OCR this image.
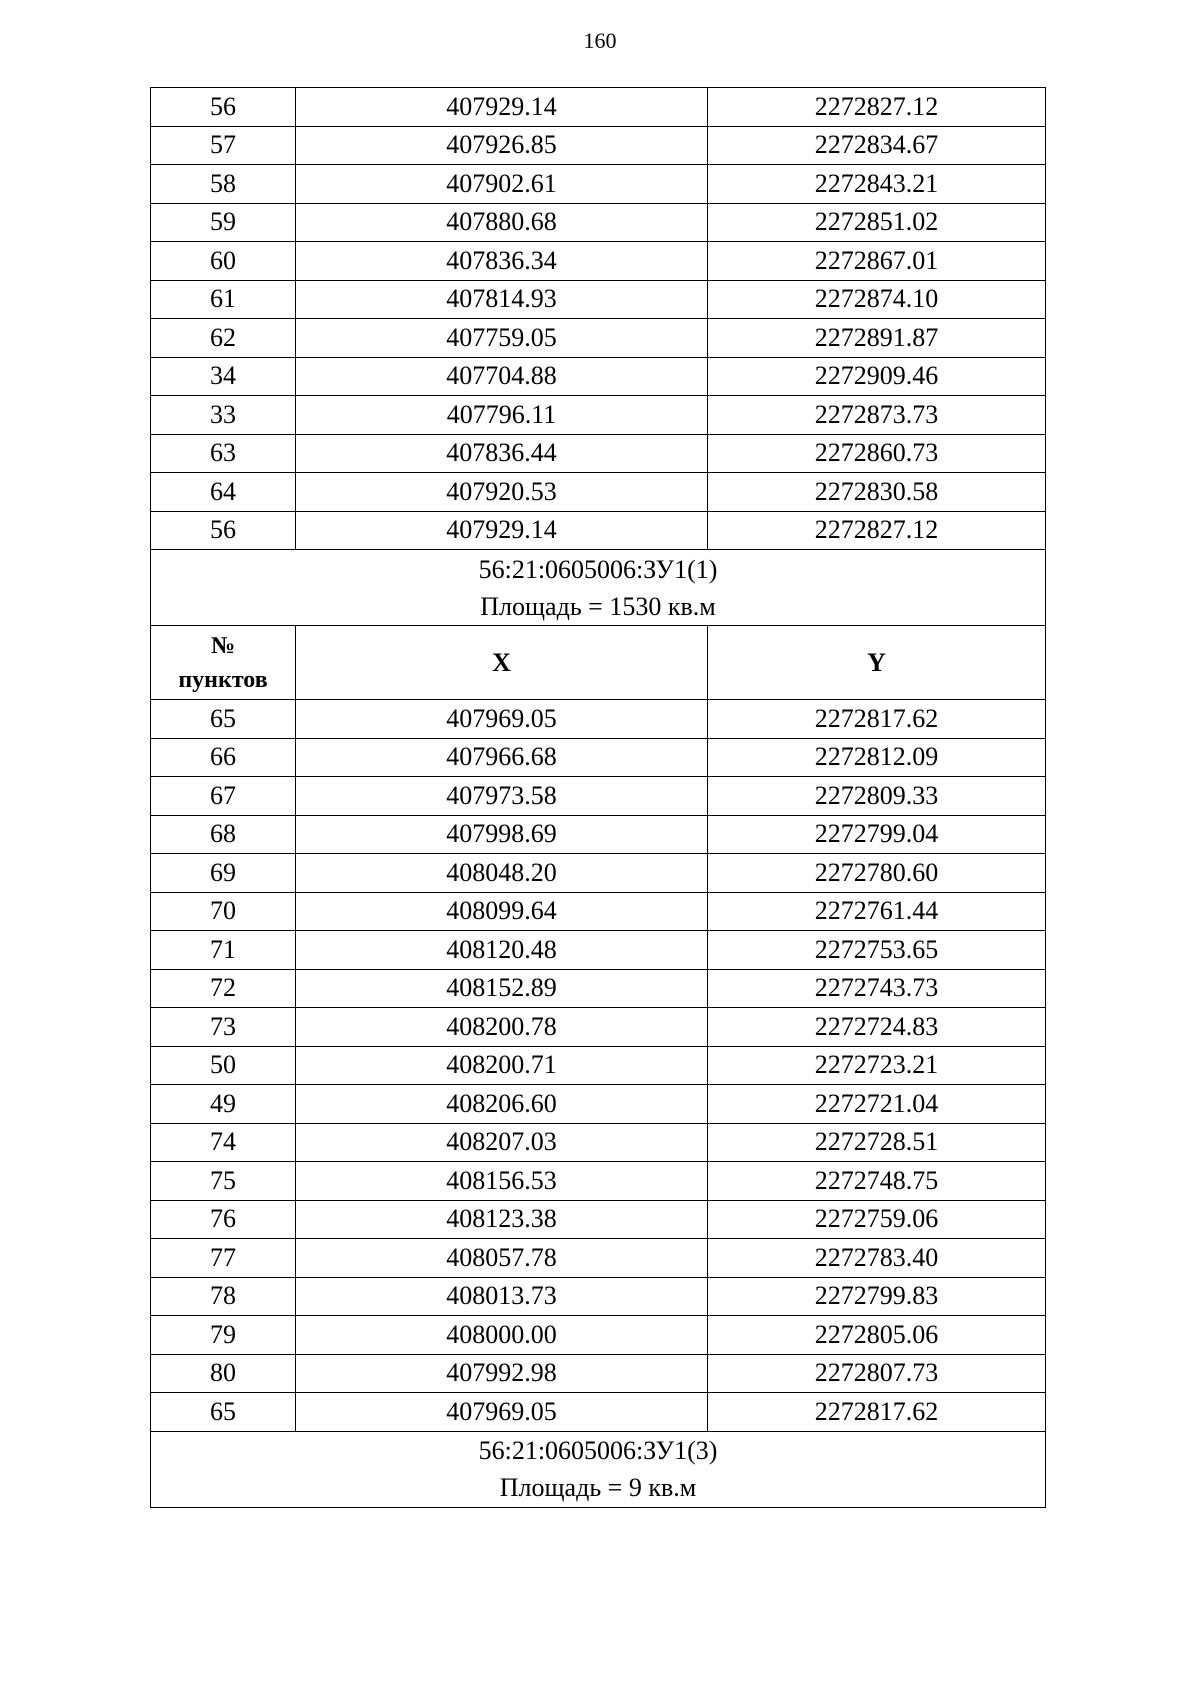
160
56	407929.14	2272827.12
57	407926.85	2272834.67
58	407902.61	2272843.21
59	407880.68	2272851.02
60	407836.34	2272867.01
61	407814.93	2272874.10
62	407759.05	2272891.87
34	407704.88	2272909.46
33	407796.11	2272873.73
63	407836.44	2272860.73
64	407920.53	2272830.58
56	407929.14	2272827.12

56:21:0605006:ЗУ1(1)
Площадь = 1530 кв.м		

№
пунктов	X	Y
65	407969.05	2272817.62
66	407966.68	2272812.09
67	407973.58	2272809.33
68	407998.69	2272799.04
69	408048.20	2272780.60
70	408099.64	2272761.44
71	408120.48	2272753.65
72	408152.89	2272743.73
73	408200.78	2272724.83
50	408200.71	2272723.21
49	408206.60	2272721.04
74	408207.03	2272728.51
75	408156.53	2272748.75
76	408123.38	2272759.06
77	408057.78	2272783.40
78	408013.73	2272799.83
79	408000.00	2272805.06
80	407992.98	2272807.73
65	407969.05	2272817.62

56:21:0605006:ЗУ1(3)
Площадь = 9 кв.м		
